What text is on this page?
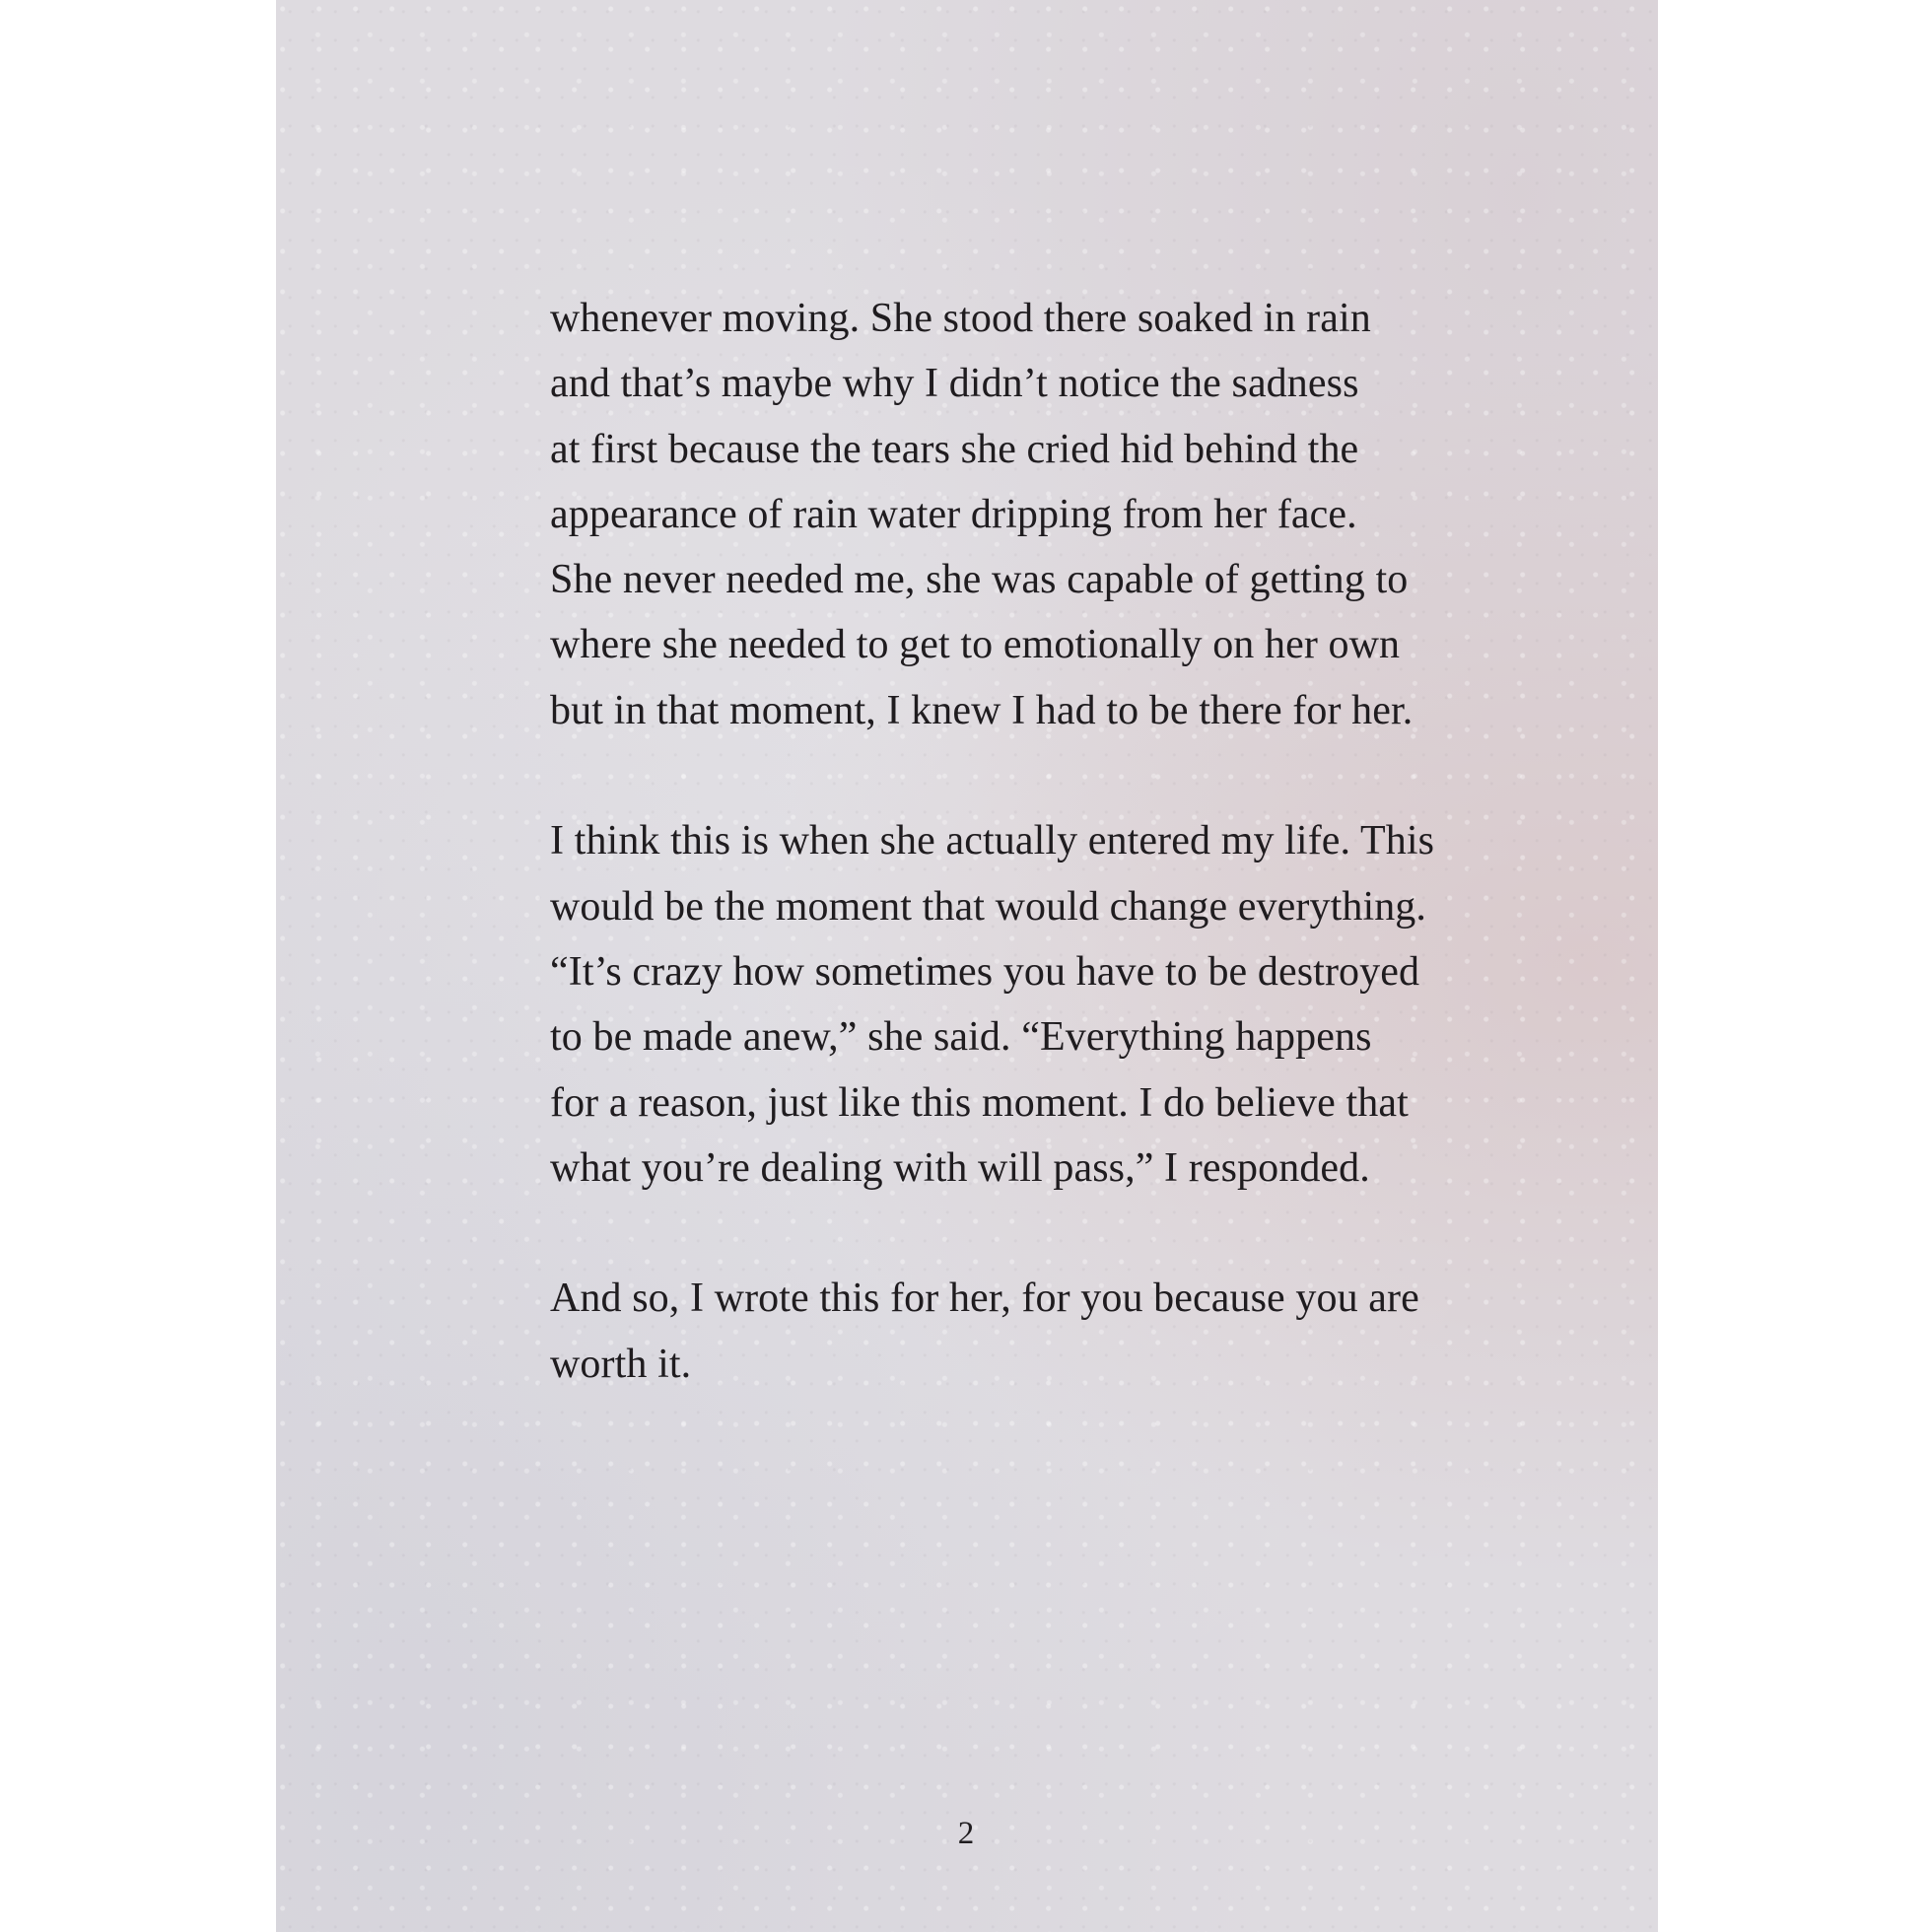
whenever moving. She stood there soaked in rain
and that’s maybe why I didn’t notice the sadness
at first because the tears she cried hid behind the
appearance of rain water dripping from her face.
She never needed me, she was capable of getting to
where she needed to get to emotionally on her own
but in that moment, I knew I had to be there for her.

I think this is when she actually entered my life. This
would be the moment that would change everything.
“It’s crazy how sometimes you have to be destroyed
to be made anew,” she said. “Everything happens
for a reason, just like this moment. I do believe that
what you’re dealing with will pass,” I responded.

And so, I wrote this for her, for you because you are
worth it.

2
